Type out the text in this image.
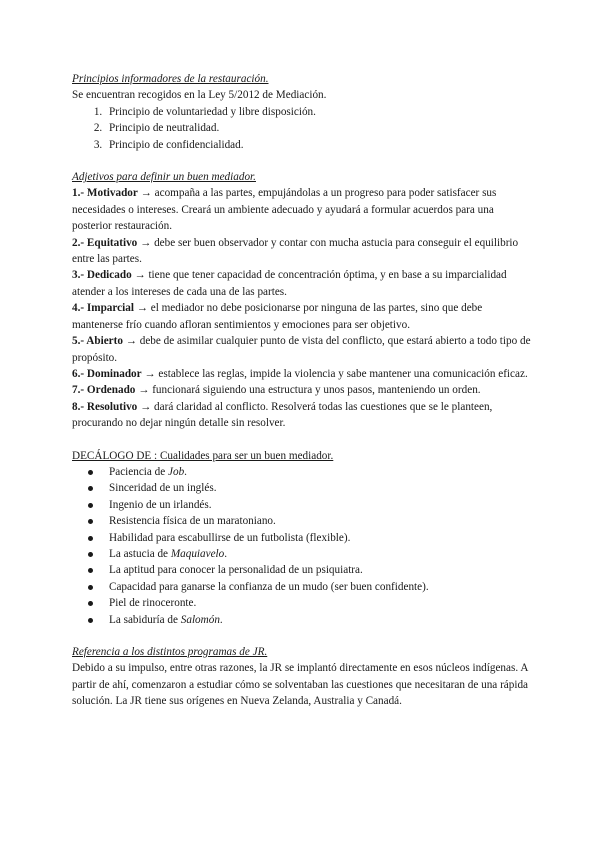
Principios informadores de la restauración.

Se encuentran recogidos en la Ley 5/2012 de Mediación.

1. Principio de voluntariedad y libre disposición.
2. Principio de neutralidad.
3. Principio de confidencialidad.

Adjetivos para definir un buen mediador.

1.- Motivador → acompaña a las partes, empujándolas a un progreso para poder satisfacer sus necesidades o intereses. Creará un ambiente adecuado y ayudará a formular acuerdos para una posterior restauración.

2.- Equitativo → debe ser buen observador y contar con mucha astucia para conseguir el equilibrio entre las partes.

3.- Dedicado → tiene que tener capacidad de concentración óptima, y en base a su imparcialidad atender a los intereses de cada una de las partes.

4.- Imparcial → el mediador no debe posicionarse por ninguna de las partes, sino que debe mantenerse frío cuando afloran sentimientos y emociones para ser objetivo.

5.- Abierto → debe de asimilar cualquier punto de vista del conflicto, que estará abierto a todo tipo de propósito.

6.- Dominador → establece las reglas, impide la violencia y sabe mantener una comunicación eficaz.

7.- Ordenado → funcionará siguiendo una estructura y unos pasos, manteniendo un orden.

8.- Resolutivo → dará claridad al conflicto. Resolverá todas las cuestiones que se le planteen, procurando no dejar ningún detalle sin resolver.

DECÁLOGO DE : Cualidades para ser un buen mediador.

Paciencia de Job.
Sinceridad de un inglés.
Ingenio de un irlandés.
Resistencia física de un maratoniano.
Habilidad para escabullirse de un futbolista (flexible).
La astucia de Maquiavelo.
La aptitud para conocer la personalidad de un psiquiatra.
Capacidad para ganarse la confianza de un mudo (ser buen confidente).
Piel de rinoceronte.
La sabiduría de Salomón.

Referencia a los distintos programas de JR.

Debido a su impulso, entre otras razones, la JR se implantó directamente en esos núcleos indígenas. A partir de ahí, comenzaron a estudiar cómo se solventaban las cuestiones que necesitaran de una rápida solución. La JR tiene sus orígenes en Nueva Zelanda, Australia y Canadá.
